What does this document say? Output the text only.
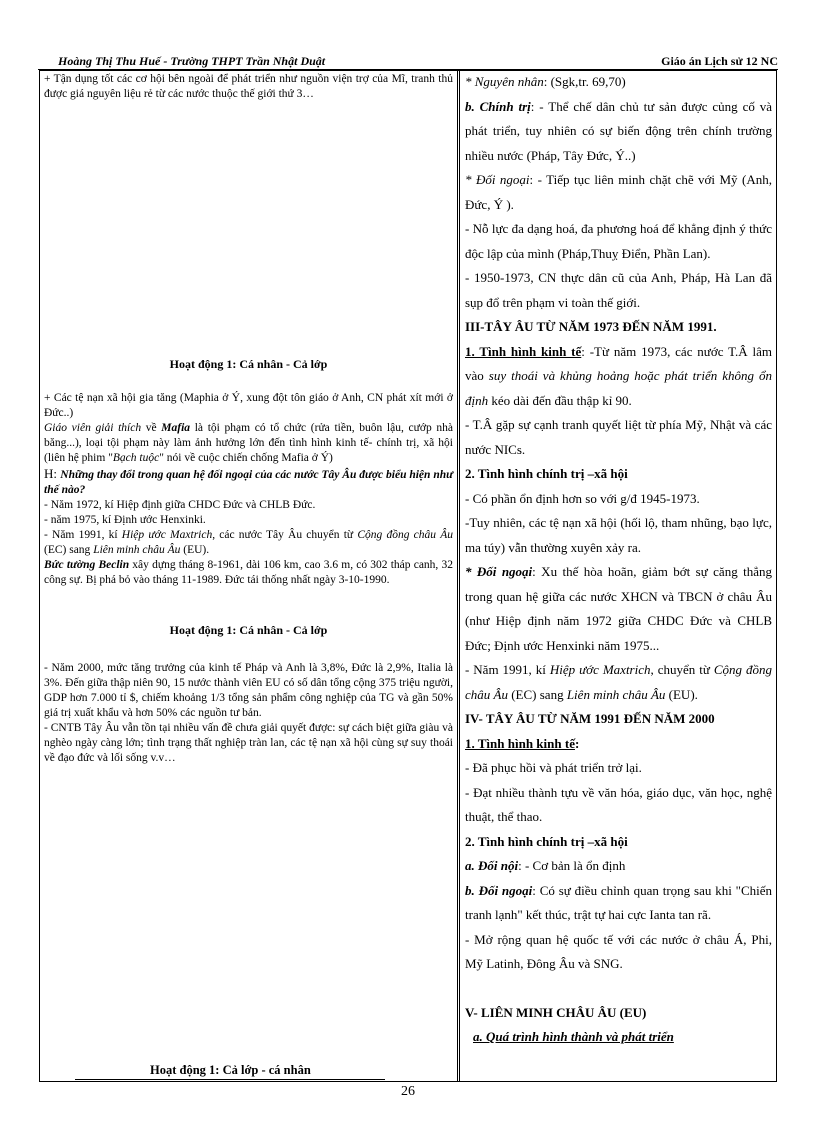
Hoàng Thị Thu Huế - Trường THPT Trần Nhật Duật	Giáo án Lịch sử 12 NC

+ Tận dụng tốt các cơ hội bên ngoài để phát triển như nguồn viện trợ của Mĩ, tranh thủ được giá nguyên liệu rẻ từ các nước thuộc thế giới thứ 3…

Hoạt động 1: Cá nhân - Cả lớp

+ Các tệ nạn xã hội gia tăng (Maphia ở Ý, xung đột tôn giáo ở Anh, CN phát xít mới ở Đức..)

Giáo viên giải thích về Mafia là tội phạm có tổ chức (rửa tiền, buôn lậu, cướp nhà băng...), loại tội phạm này làm ảnh hưởng lớn đến tình hình kinh tế- chính trị, xã hội (liên hệ phim "Bạch tuộc" nói về cuộc chiến chống Mafia ở Ý)

H: Những thay đổi trong quan hệ đối ngoại của các nước Tây Âu được biểu hiện như thế nào?

- Năm 1972, kí Hiệp định giữa CHDC Đức và CHLB Đức.

- năm 1975, kí Định ước Henxinki.

- Năm 1991, kí Hiệp ước Maxtrich, các nước Tây Âu chuyển từ Cộng đồng châu Âu (EC) sang Liên minh châu Âu (EU).

Bức tường Beclin xây dựng tháng 8-1961, dài 106 km, cao 3.6 m, có 302 tháp canh, 32 công sự. Bị phá bỏ vào tháng 11-1989. Đức tái thống nhất ngày 3-10-1990.

Hoạt động 1: Cá nhân - Cả lớp

- Năm 2000, mức tăng trưởng của kinh tế Pháp và Anh là 3,8%, Đức là 2,9%, Italia là 3%. Đến giữa thập niên 90, 15 nước thành viên EU có số dân tổng cộng 375 triệu người, GDP hơn 7.000 tỉ $, chiếm khoảng 1/3 tổng sản phẩm công nghiệp của TG và gần 50% giá trị xuất khẩu và hơn 50% các nguồn tư bản.

- CNTB Tây Âu vẫn tồn tại nhiều vấn đề chưa giải quyết được: sự cách biệt giữa giàu và nghèo ngày càng lớn; tình trạng thất nghiệp tràn lan, các tệ nạn xã hội cùng sự suy thoái về đạo đức và lối sống v.v…

Hoạt động 1: Cả lớp - cá nhân

* Nguyên nhân: (Sgk,tr. 69,70)

b. Chính trị: - Thể chế dân chủ tư sản được củng cố và phát triển, tuy nhiên có sự biến động trên chính trường nhiều nước (Pháp, Tây Đức, Ý..)

* Đối ngoại: - Tiếp tục liên minh chặt chẽ với Mỹ (Anh, Đức, Ý ).

- Nỗ lực đa dạng hoá, đa phương hoá để khẳng định ý thức độc lập của mình (Pháp,Thuỵ Điển, Phần Lan).

- 1950-1973, CN thực dân cũ của Anh, Pháp, Hà Lan đã sụp đổ trên phạm vi toàn thế giới.

III-TÂY ÂU TỪ NĂM 1973 ĐẾN NĂM 1991.

1. Tình hình kinh tế: -Từ năm 1973, các nước T.Â lâm vào suy thoái và khủng hoảng hoặc phát triển không ổn định kéo dài đến đầu thập kỉ 90.

- T.Â gặp sự cạnh tranh quyết liệt từ phía Mỹ, Nhật và các nước NICs.

2. Tình hình chính trị –xã hội

- Có phần ổn định hơn so với g/đ 1945-1973.

-Tuy nhiên, các tệ nạn xã hội (hối lộ, tham nhũng, bạo lực, ma túy) vẫn thường xuyên xảy ra.

* Đối ngoại: Xu thế hòa hoãn, giảm bớt sự căng thẳng trong quan hệ giữa các nước XHCN và TBCN ở châu Âu (như Hiệp định năm 1972 giữa CHDC Đức và CHLB Đức; Định ước Henxinki năm 1975...

- Năm 1991, kí Hiệp ước Maxtrich, chuyển từ Cộng đồng châu Âu (EC) sang Liên minh châu Âu (EU).

IV- TÂY ÂU TỪ NĂM 1991 ĐẾN NĂM 2000

1. Tình hình kinh tế:

- Đã phục hồi và phát triển trở lại.

- Đạt nhiều thành tựu về văn hóa, giáo dục, văn học, nghệ thuật, thể thao.

2. Tình hình chính trị –xã hội

a. Đối nội: - Cơ bản là ổn định

b. Đối ngoại: Có sự điều chỉnh quan trọng sau khi "Chiến tranh lạnh" kết thúc, trật tự hai cực Ianta tan rã.

- Mở rộng quan hệ quốc tế với các nước ở châu Á, Phi, Mỹ Latinh, Đông Âu và SNG.

V- LIÊN MINH CHÂU ÂU (EU)

a. Quá trình hình thành và phát triển

26
